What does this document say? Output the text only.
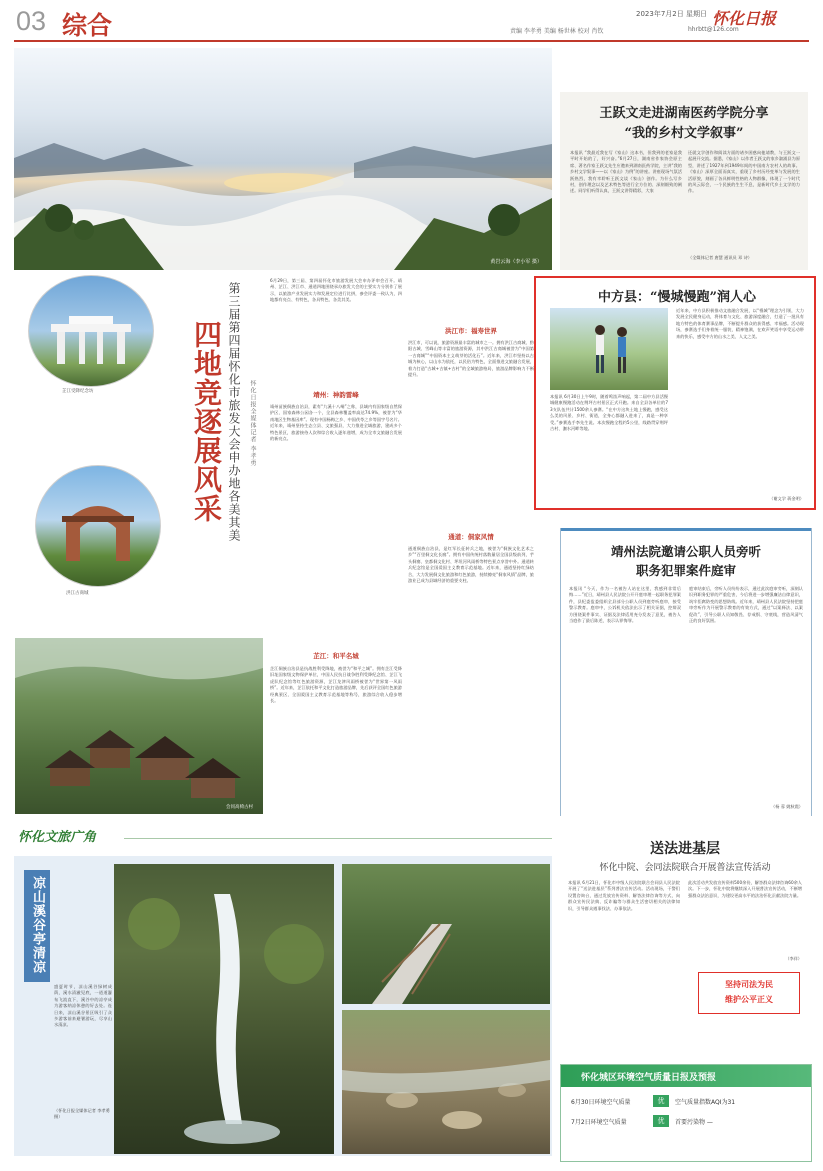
03 综合	2023年7月2日 星期日
责编 李孝勇 美编 杨世林 校对 肖钦	hhrbtt@126.com
怀化日报
黄岩云海（李小军 摄）
王跃文走进湖南医药学院分享
“我的乡村文学叙事”
本报讯 “我最近我在写《家山》这本书，但我到的老家是我平时开始的了，好兴奋。”6月27日，湖南省作家协会原主席、著名作家王跃文先生应邀来到湖南医药学院，主讲“我的乡村文学叙事——以《家山》为例”的讲座。讲座现场气氛活跃热烈，我有幸聆听王跃文谈《家山》创作。为什么写乡村，创作理念以及艺术特色等进行全方位的、深刻细致的阐述。同学们听得认真，王跃文讲得精彩，大家
还就文学创作和阅读方面的诸多困惑向他请教，与王跃文一起展开交流。据悉，《家山》以作者王跃文的家乡溆浦县为原型，讲述了1927年到1949年间的中国南方农村人的故事。《家山》深厚全面而真实，重现了乡村历经变革与发展的生活原貌，刻画了各具鲜明性格的人物群像，体现了一个时代的风云际会，一个民族的生生不息，是新时代乡土文学的力作。
（全媒体记者 唐慧 通讯员 邓 诗）
芷江受降纪念坊
洪江古商城
会同高椅古村
四地竞逐展风采 第三届第四届怀化市旅发大会申办地各美其美	怀化日报全媒体记者 李孝勇
6月29日，第三届、第四届怀化市旅游发展大会申办评审会召开。靖州、芷江、洪江市、通道四地围绕承办旅发大会的主要实力分别作了展示，以旅游产业发展实力和发展定位进行比拼，参会评委一致认为，四地都有亮点、有特色，各具特色、各美其美。
靖州：神韵雷峰
靖州苗族侗族自治县，素有“九溪十八峒”之称，县域内有国家级自然保护区、国家森林公园各一个，全县森林覆盖率高达74.9%，被誉为“华南地区生物基因库”。现有中国杨梅之乡、中国茯苓之乡等国字号名片。近年来，靖州坚持生态立县、文旅强县，大力推进全域旅游，建成多个特色景区，旅游接待人次和综合收入逐年递增，成为全市文旅融合发展的新亮点。
芷江：和平名城
芷江侗族自治县是抗战胜利受降地，被誉为“和平之城”。拥有芷江受降旧址国家级文物保护单位，中国人民抗日战争胜利受降纪念馆、芷江飞虎队纪念馆等红色旅游资源，芷江龙津风雨桥被誉为“世界第一风雨桥”。近年来，芷江依托和平文化打造旅游品牌，先后获评全国红色旅游经典景区、全国爱国主义教育示范基地等称号，旅游综合收入稳步增长。
洪江市：福寿世界
洪江市，可以说，旅游资源最丰富的城市之一。拥有洪江古商城、黔阳古城、雪峰山等丰富的旅游资源，其中洪江古商城被誉为“中国第一古商城”“中国资本主义萌芽的活化石”。近年来，洪江市坚持以古城为核心，以山水为依托，以民俗为特色，全面推进文旅融合发展，着力打造“古城+古镇+古村”的全域旅游格局，旅游品牌影响力不断提升。
通道：侗家风情
通道侗族自治县，是红军长征转兵之地，被誉为“侗族文化艺术之乡”“百里侗文化长廊”。拥有中国传统村落数量居全国县级前列，芋头侗寨、皇都侗文化村、坪坦河风雨桥等特色景点享誉中外。通道转兵纪念馆是全国爱国主义教育示范基地。近年来，通道坚持红绿结合，大力发展侗文化旅游和红色旅游，持续擦亮“侗家风情”品牌，旅游业已成为县域经济的重要支柱。
中方县：“慢城慢跑”润人心
本报讯 6月30日上午9时，随着鸣笛声响起，第二届中方县活慢城健康慢跑活动在荆坪古村景区正式开跑。来自全县各单位的73支队伍共计1500余人参赛。“在中方这块土地上慢跑，感受这么美的风景、乡村、街道，全身心都融入进来了，真是一种享受。”参赛选手李先生说。本次慢跑全程约5公里，线路贯穿荆坪古村、潕水河畔等地。
近年来，中方县积极推动文旅融合发展，以“慢城”理念为引领，大力发展全民健身运动，将体育与文化、旅游深度融合，打造了一批具有地方特色的体育赛事品牌，不断提升群众的获得感、幸福感。活动现场，参赛选手们身着统一服装，精神饱满，在欢声笑语中享受运动带来的快乐，感受中方的山水之美、人文之美。
（谢文学 蒋金明）
靖州法院邀请公职人员旁听
职务犯罪案件庭审
本报讯 “今天，作为一名被告人站在这里，我感到非常后悔……”近日，靖州县人民法院公开开庭审理一起职务犯罪案件，县纪委监委组织全县部分公职人员到庭旁听庭审，接受警示教育。庭审中，公诉机关依法出示了相关证据，控辩双方围绕案件事实、证据及法律适用充分发表了意见，被告人当庭作了最后陈述，表示认罪悔罪。
庭审结束后，旁听人员纷纷表示，通过此次庭审旁听，深刻认识到职务犯罪的严重危害，今后将进一步增强廉洁自律意识，筑牢拒腐防变的思想防线。近年来，靖州县人民法院坚持把庭审旁听作为开展警示教育的有效方式，通过“以案释法、以案促改”，引导公职人员知敬畏、存戒惧、守底线，营造风清气正的良好氛围。
（杨 蓉 姚秋霞）
送法进基层
怀化中院、会同法院联合开展普法宣传活动
本报讯 6月21日，怀化市中级人民法院联合会同县人民法院开展了“送法进基层”系列普法宣传活动。活动现场，干警们设置咨询台，通过发放宣传资料、解答法律咨询等方式，向群众宣传民法典、反诈骗等与群众生活密切相关的法律知识，引导群众遇事找法、办事依法。
此次活动共发放宣传资料500余份，解答群众法律咨询60余人次。下一步，怀化中院将继续深入开展普法宣传活动，不断增强群众法治意识，为建设更高水平的法治怀化贡献法院力量。
（李祥）
坚持司法为民
维护公平正义
怀化文旅广角
凉山溪谷亭清凉
盛夏时节，凉山溪谷绿树成荫，溪水清澈见底，一道道瀑布飞流直下，溪谷中的凉亭成为游客纳凉休憩的好去处。连日来，凉山溪谷景区吸引了众多游客前来避暑游玩，尽享山水清凉。
（怀化日报全媒体记者 李孝勇 摄）
怀化城区环境空气质量日报及预报
6月30日环境空气质量	优	空气质量指数AQI为31
7月2日环境空气质量	优	首要污染物 —
